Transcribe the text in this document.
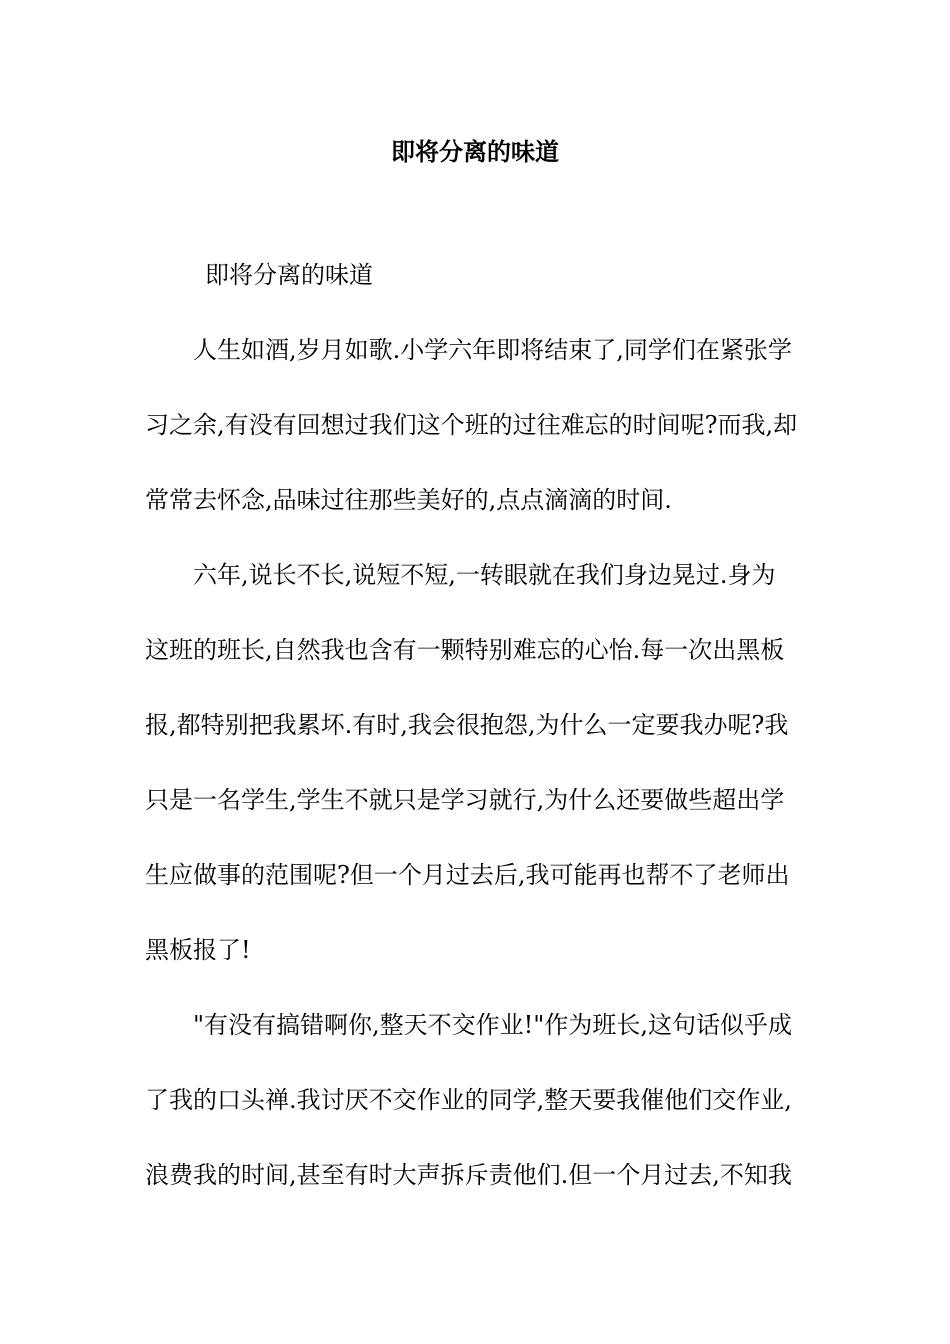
即将分离的味道

即将分离的味道

人生如酒,岁月如歌.小学六年即将结束了,同学们在紧张学

习之余,有没有回想过我们这个班的过往难忘的时间呢?而我,却

常常去怀念,品味过往那些美好的,点点滴滴的时间.

六年,说长不长,说短不短,一转眼就在我们身边晃过.身为

这班的班长,自然我也含有一颗特别难忘的心怡.每一次出黑板

报,都特别把我累坏.有时,我会很抱怨,为什么一定要我办呢?我

只是一名学生,学生不就只是学习就行,为什么还要做些超出学

生应做事的范围呢?但一个月过去后,我可能再也帮不了老师出

黑板报了!

"有没有搞错啊你,整天不交作业!"作为班长,这句话似乎成

了我的口头禅.我讨厌不交作业的同学,整天要我催他们交作业,

浪费我的时间,甚至有时大声拆斥责他们.但一个月过去,不知我
